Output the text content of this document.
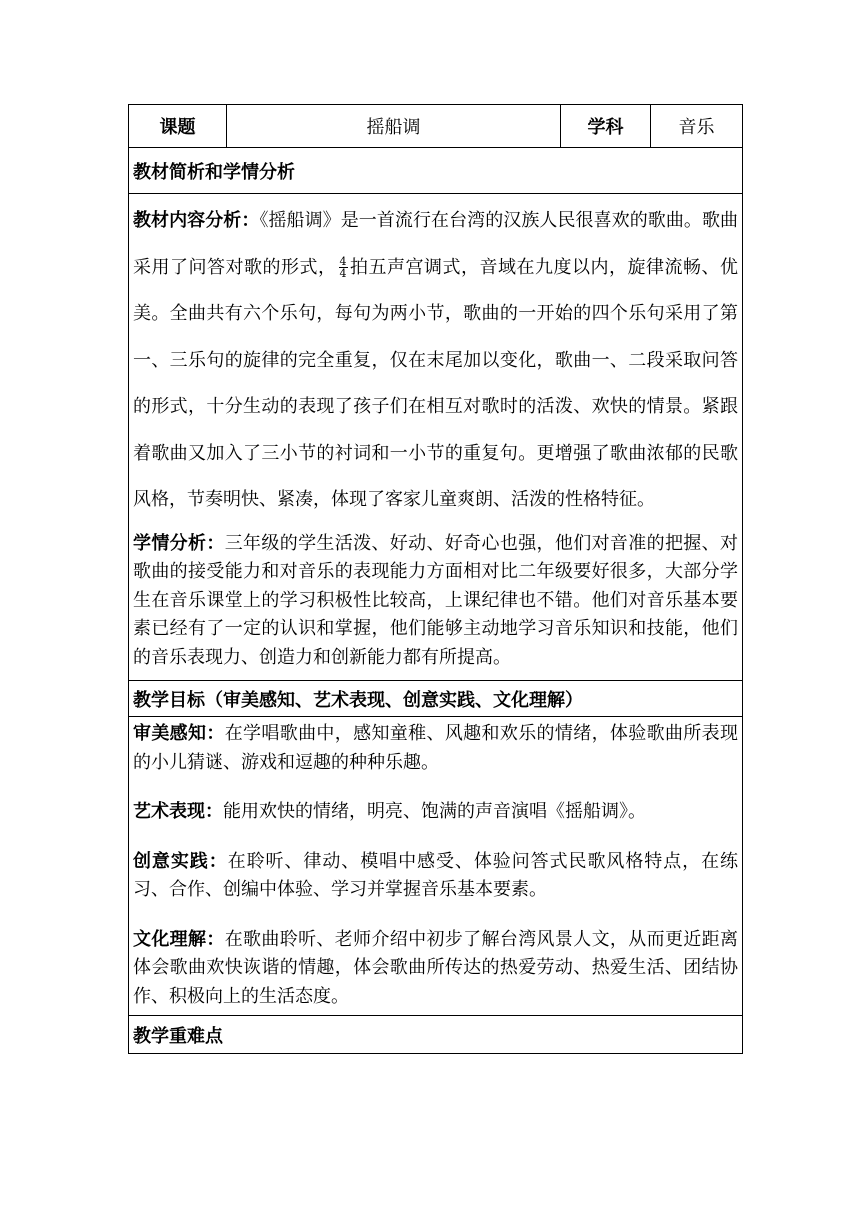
课题	摇船调	学科	音乐
教材简析和学情分析

教材内容分析：《摇船调》是一首流行在台湾的汉族人民很喜欢的歌曲。歌曲采用了问答对歌的形式， $\frac{4}{4}$ 拍五声宫调式，音域在九度以内，旋律流畅、优美。全曲共有六个乐句，每句为两小节，歌曲的一开始的四个乐句采用了第一、三乐句的旋律的完全重复，仅在末尾加以变化，歌曲一、二段采取问答的形式，十分生动的表现了孩子们在相互对歌时的活泼、欢快的情景。紧跟着歌曲又加入了三小节的衬词和一小节的重复句。更增强了歌曲浓郁的民歌风格，节奏明快、紧凑，体现了客家儿童爽朗、活泼的性格特征。

学情分析：三年级的学生活泼、好动、好奇心也强，他们对音准的把握、对歌曲的接受能力和对音乐的表现能力方面相对比二年级要好很多，大部分学生在音乐课堂上的学习积极性比较高，上课纪律也不错。他们对音乐基本要素已经有了一定的认识和掌握，他们能够主动地学习音乐知识和技能，他们的音乐表现力、创造力和创新能力都有所提高。

教学目标（审美感知、艺术表现、创意实践、文化理解）

审美感知：在学唱歌曲中，感知童稚、风趣和欢乐的情绪，体验歌曲所表现的小儿猜谜、游戏和逗趣的种种乐趣。

艺术表现：能用欢快的情绪，明亮、饱满的声音演唱《摇船调》。

创意实践：在聆听、律动、模唱中感受、体验问答式民歌风格特点，在练习、合作、创编中体验、学习并掌握音乐基本要素。

文化理解：在歌曲聆听、老师介绍中初步了解台湾风景人文，从而更近距离体会歌曲欢快诙谐的情趣，体会歌曲所传达的热爱劳动、热爱生活、团结协作、积极向上的生活态度。

教学重难点
